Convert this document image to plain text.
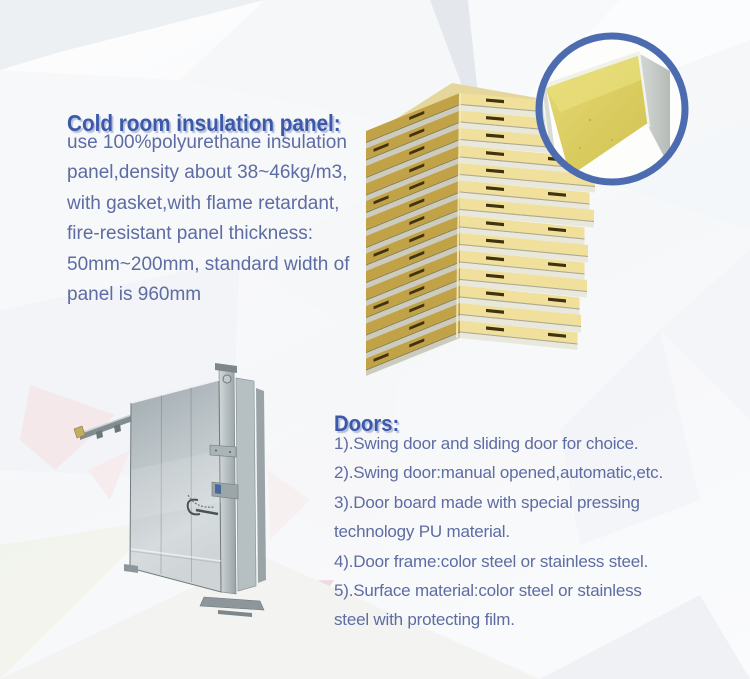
Cold room insulation panel:
use 100%polyurethane insulation
panel,density about 38~46kg/m3,
with gasket,with flame retardant,
fire-resistant panel thickness:
50mm~200mm, standard width of
panel is 960mm
Doors:
1).Swing door and sliding door for choice.
2).Swing door:manual opened,automatic,etc.
3).Door board made with special pressing
technology PU material.
4).Door frame:color steel or stainless steel.
5).Surface material:color steel or stainless
steel with protecting film.
